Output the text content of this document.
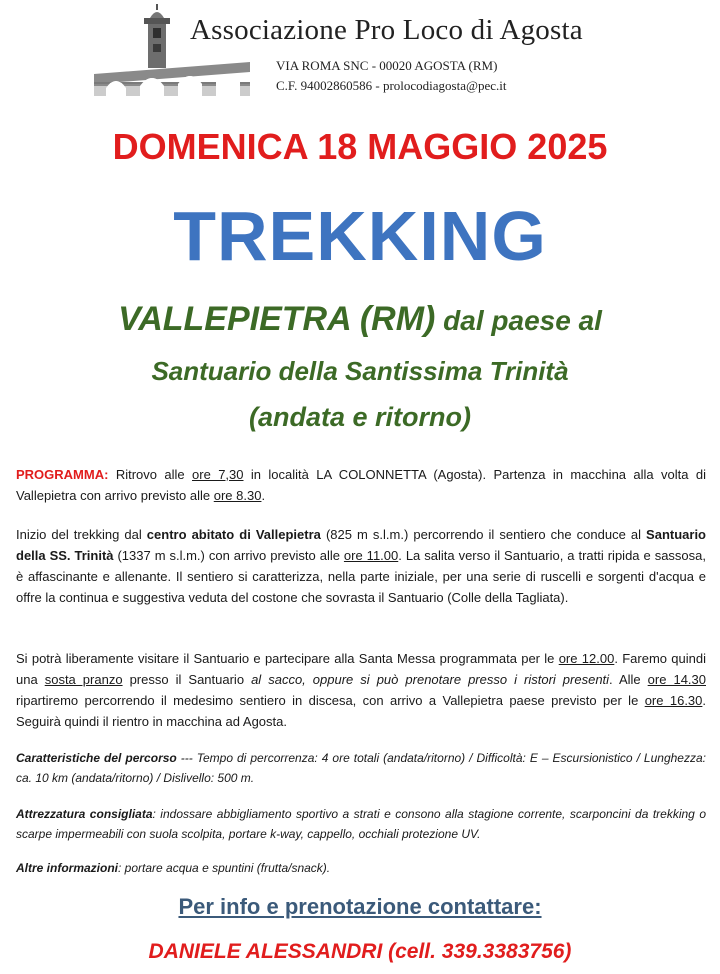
Associazione Pro Loco di Agosta
VIA ROMA SNC - 00020 AGOSTA (RM)
C.F. 94002860586 - prolocodiagosta@pec.it
DOMENICA 18 MAGGIO 2025
TREKKING
VALLEPIETRA (RM) dal paese al
Santuario della Santissima Trinità
(andata e ritorno)
PROGRAMMA: Ritrovo alle ore 7,30 in località LA COLONNETTA (Agosta). Partenza in macchina alla volta di Vallepietra con arrivo previsto alle ore 8.30.
Inizio del trekking dal centro abitato di Vallepietra (825 m s.l.m.) percorrendo il sentiero che conduce al Santuario della SS. Trinità (1337 m s.l.m.) con arrivo previsto alle ore 11.00. La salita verso il Santuario, a tratti ripida e sassosa, è affascinante e allenante. Il sentiero si caratterizza, nella parte iniziale, per una serie di ruscelli e sorgenti d'acqua e offre la continua e suggestiva veduta del costone che sovrasta il Santuario (Colle della Tagliata).
Si potrà liberamente visitare il Santuario e partecipare alla Santa Messa programmata per le ore 12.00. Faremo quindi una sosta pranzo presso il Santuario al sacco, oppure si può prenotare presso i ristori presenti. Alle ore 14.30 ripartiremo percorrendo il medesimo sentiero in discesa, con arrivo a Vallepietra paese previsto per le ore 16.30. Seguirà quindi il rientro in macchina ad Agosta.
Caratteristiche del percorso --- Tempo di percorrenza: 4 ore totali (andata/ritorno) / Difficoltà: E – Escursionistico / Lunghezza: ca. 10 km (andata/ritorno) / Dislivello: 500 m.
Attrezzatura consigliata: indossare abbigliamento sportivo a strati e consono alla stagione corrente, scarponcini da trekking o scarpe impermeabili con suola scolpita, portare k-way, cappello, occhiali protezione UV.
Altre informazioni: portare acqua e spuntini (frutta/snack).
Per info e prenotazione contattare:
DANIELE ALESSANDRI (cell. 339.3383756)
